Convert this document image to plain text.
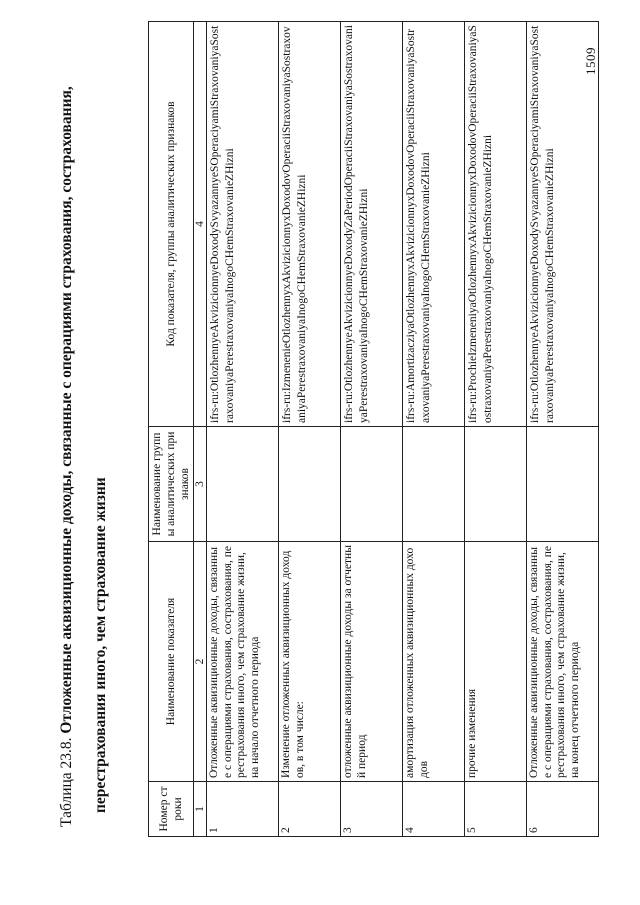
Таблица 23.8. Отложенные аквизиционные доходы, связанные с операциями страхования, сострахования,	перестрахования иного, чем страхование жизни
1509
Номер строки	Наименование показателя	Наименование группы аналитических признаков	Код показателя, группы аналитических признаков
1	2	3	4
1	Отложенные аквизиционные доходы, связанные с операциями страхования, сострахования, перестрахования иного, чем страхование жизни, на начало отчетного периода		ifrs-ru:OtlozhennyeAkvizicionnyeDoxodySvyazannyeSOperaciyamiStraxovaniyaSostraxovaniyaPerestraxovaniyaInogoCHemStraxovanieZHizni
2	Изменение отложенных аквизиционных доходов, в том числе:		ifrs-ru:IzmenenieOtlozhennyxAkvizicionnyxDoxodovOperaciiStraxovaniyaSostraxovaniyaPerestraxovaniyaInogoCHemStraxovanieZHizni
3	отложенные аквизиционные доходы за отчетный период		ifrs-ru:OtlozhennyeAkvizicionnyeDoxodyZaPeriodOperaciiStraxovaniyaSostraxovaniyaPerestraxovaniyaInogoCHemStraxovanieZHizni
4	амортизация отложенных аквизиционных доходов		ifrs-ru:AmortizacziyaOtlozhennyxAkvizicionnyxDoxodovOperaciiStraxovaniyaSostraxovaniyaPerestraxovaniyaInogoCHemStraxovanieZHizni
5	прочие изменения		ifrs-ru:ProchieIzmeneniyaOtlozhennyxAkvizicionnyxDoxodovOperaciiStraxovaniyaSostraxovaniyaPerestraxovaniyaInogoCHemStraxovanieZHizni
6	Отложенные аквизиционные доходы, связанные с операциями страхования, сострахования, перестрахования иного, чем страхование жизни, на конец отчетного периода		ifrs-ru:OtlozhennyeAkvizicionnyeDoxodySvyazannyeSOperaciyamiStraxovaniyaSostraxovaniyaPerestraxovaniyaInogoCHemStraxovanieZHizni
